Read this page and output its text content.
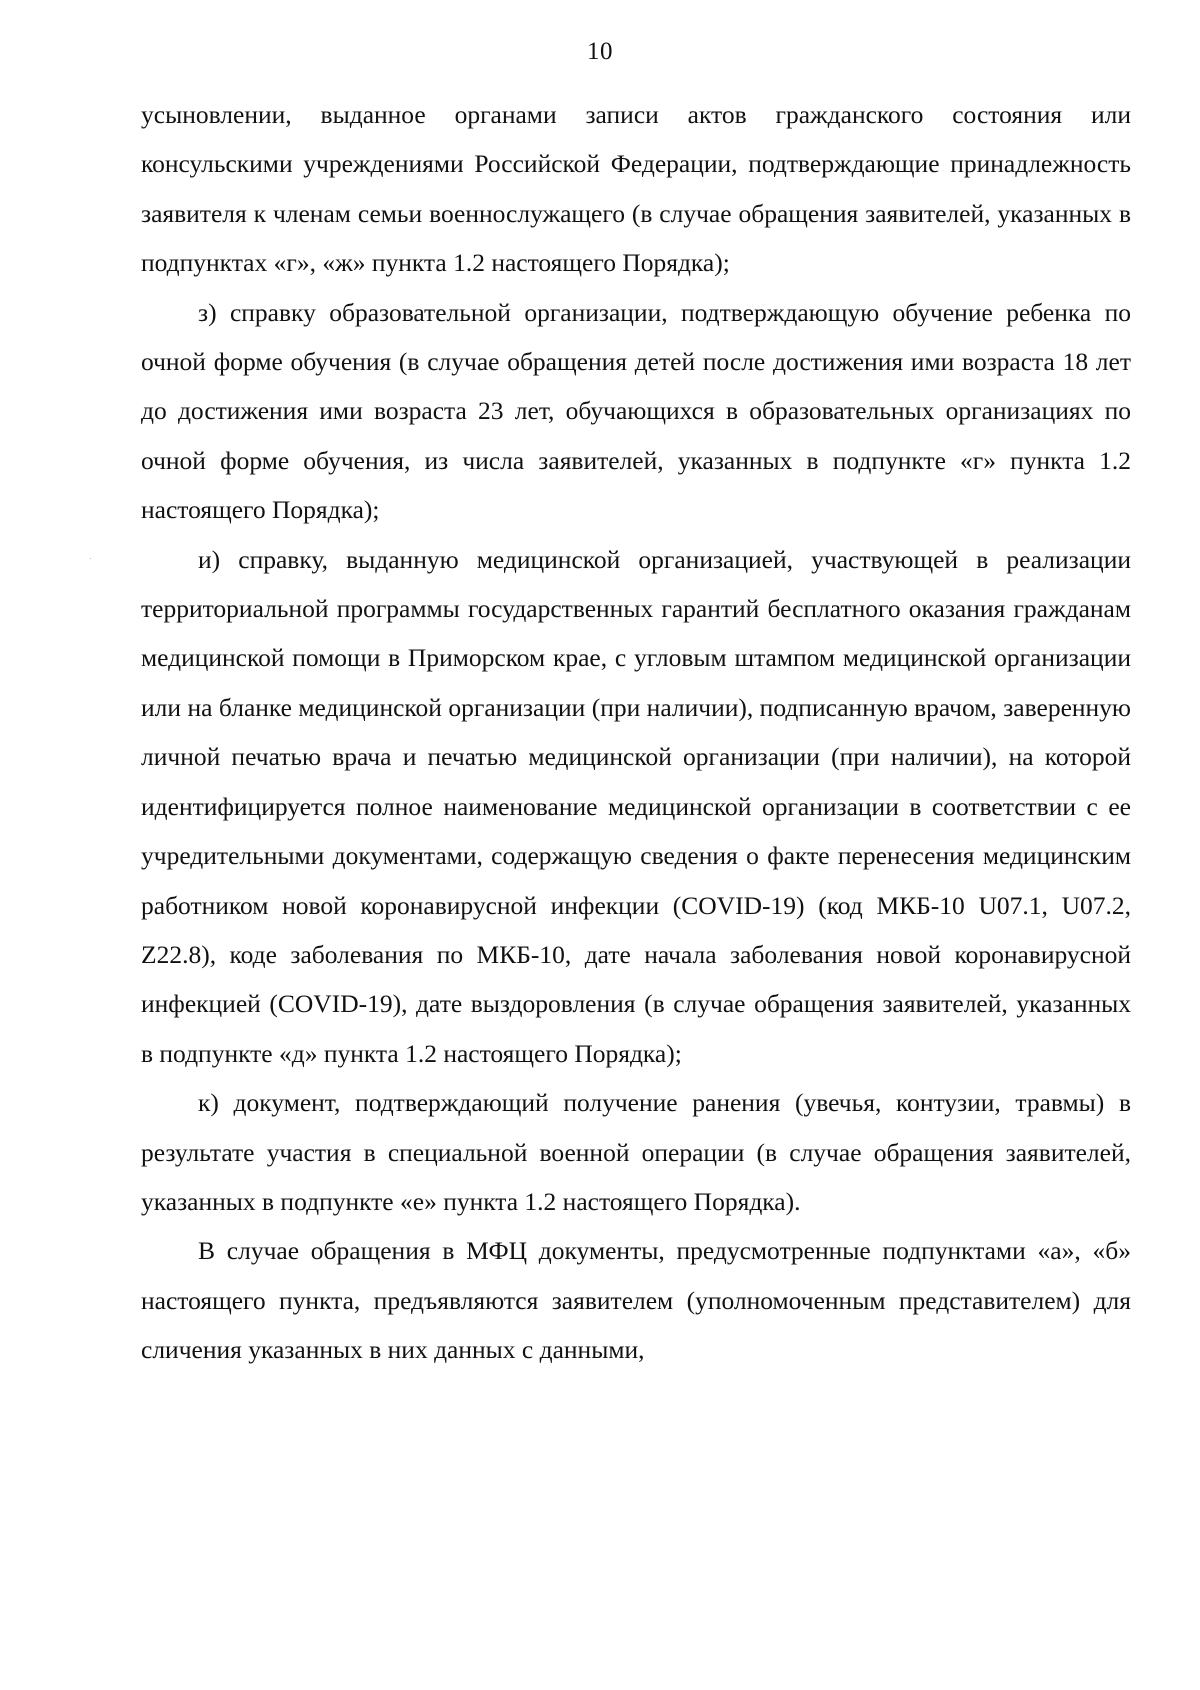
10

усыновлении, выданное органами записи актов гражданского состояния или консульскими учреждениями Российской Федерации, подтверждающие принадлежность заявителя к членам семьи военнослужащего (в случае обращения заявителей, указанных в подпунктах «г», «ж» пункта 1.2 настоящего Порядка);

з) справку образовательной организации, подтверждающую обучение ребенка по очной форме обучения (в случае обращения детей после достижения ими возраста 18 лет до достижения ими возраста 23 лет, обучающихся в образовательных организациях по очной форме обучения, из числа заявителей, указанных в подпункте «г» пункта 1.2 настоящего Порядка);

и) справку, выданную медицинской организацией, участвующей в реализации территориальной программы государственных гарантий бесплатного оказания гражданам медицинской помощи в Приморском крае, с угловым штампом медицинской организации или на бланке медицинской организации (при наличии), подписанную врачом, заверенную личной печатью врача и печатью медицинской организации (при наличии), на которой идентифицируется полное наименование медицинской организации в соответствии с ее учредительными документами, содержащую сведения о факте перенесения медицинским работником новой коронавирусной инфекции (COVID-19) (код МКБ-10 U07.1, U07.2, Z22.8), коде заболевания по МКБ-10, дате начала заболевания новой коронавирусной инфекцией (COVID-19), дате выздоровления (в случае обращения заявителей, указанных в подпункте «д» пункта 1.2 настоящего Порядка);

к) документ, подтверждающий получение ранения (увечья, контузии, травмы) в результате участия в специальной военной операции (в случае обращения заявителей, указанных в подпункте «е» пункта 1.2 настоящего Порядка).

В случае обращения в МФЦ документы, предусмотренные подпунктами «а», «б» настоящего пункта, предъявляются заявителем (уполномоченным представителем) для сличения указанных в них данных с данными,
